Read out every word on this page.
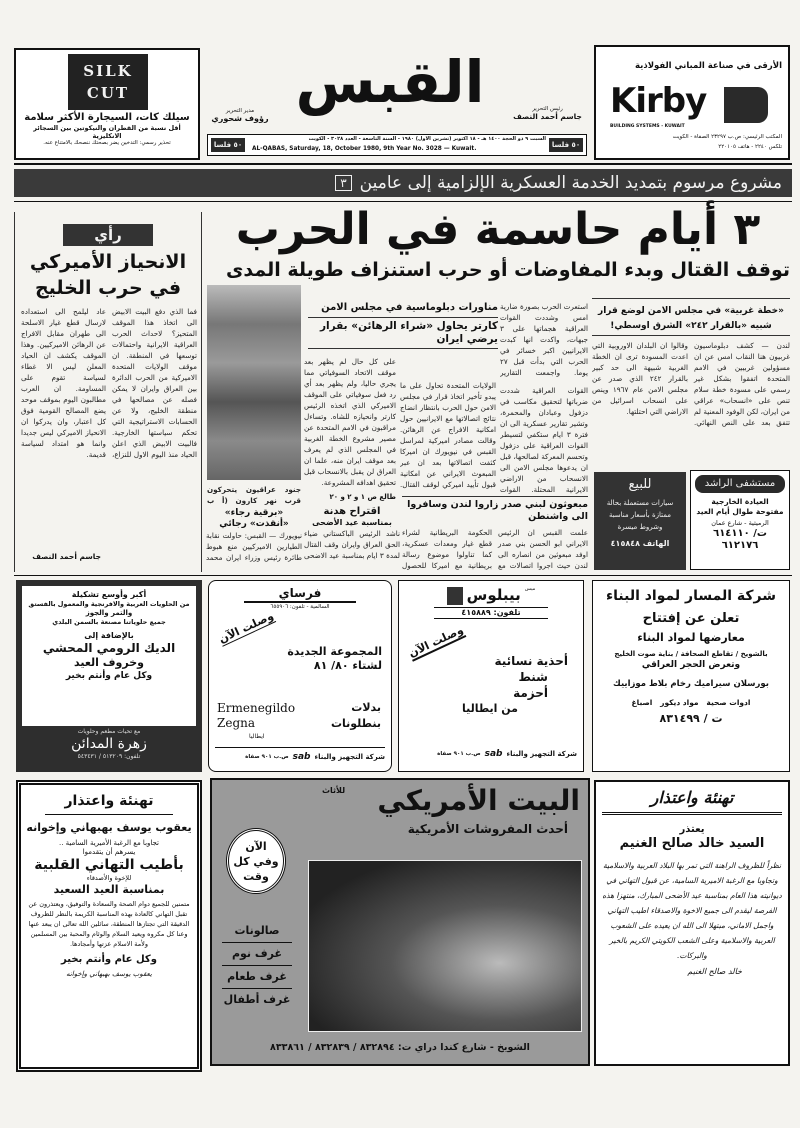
SILK
CUT
سيلك كات، السيجارة الأكثر سلامة
أقل نسبة من القطران والنيكوتين بين السجائر الانكليزية
تحذير رسمي: التدخين يضر بصحتك ننصحك بالامتناع عنه.
القبس
مدير التحرير
رؤوف شحوري
رئيس التحرير
جاسم أحمد النصف
٥٠ فلسا
السبت ٩ ذو الحجة ١٤٠٠ هـ - ١٨ اكتوبر (تشرين الاول) ١٩٨٠ - السنة التاسعة - العدد ٣٠٢٨ - الكويت
AL-QABAS, Saturday, 18, October 1980, 9th Year No. 3028 — Kuwait.	٥٠ فلسا
الأرقى في صناعة المباني الفولاذية
Kirby
BUILDING SYSTEMS - KUWAIT
المكتب الرئيسي: ص.ب ٢٣٢٩٧ الصفاة - الكويت
تلكس ٢٢٤٠ - هاتف ٢٢٠١٠٥
مشروع مرسوم بتمديد الخدمة العسكرية الإلزامية إلى عامين
٣
رأي
الانحياز الأميركي
في حرب الخليج
فما الذي دفع البيت الابيض الى اتخاذ هذا الموقف المتحيز؟ لاحداث الحرب العراقية الايرانية واحتمالات توسعها في المنطقة. ان موقف الولايات المتحدة الاميركية من الحرب الدائرة بين العراق وايران لا يمكن فصله عن مصالحها في منطقة الخليج، ولا عن الحسابات الاستراتيجية التي تحكم سياستها الخارجية. فالبيت الابيض الذي اعلن الحياد منذ اليوم الاول للنزاع، عاد ليلمح الى استعداده لارسال قطع غيار الاسلحة الى طهران مقابل الافراج عن الرهائن الاميركيين. وهذا الموقف يكشف ان الحياد المعلن ليس الا غطاء لسياسة تقوم على المساومة. ان العرب مطالبون اليوم بموقف موحد يضع المصالح القومية فوق كل اعتبار، وان يدركوا ان الانحياز الاميركي ليس جديدا وانما هو امتداد لسياسة قديمة.
جاسم أحمد النصف
٣ أيام حاسمة في الحرب
توقف القتال وبدء المفاوضات أو حرب استنزاف طويلة المدى
جنود عراقيون يتحركون قرب نهر كارون (أ ب
مناورات دبلوماسية في مجلس الامن
كارتر يحاول «شراء الرهائن» بقرار يرضي ايران
استعرت الحرب بصورة ضارية امس وشددت القوات العراقية هجماتها على ٣ جبهات، واكدت انها كبدت الايرانيين اكبر خسائر في الحرب التي بدأت قبل ٢٧ يوما. واجمعت التقارير
القوات العراقية شددت ضرباتها لتحقيق مكاسب في دزفول وعبادان والمحمرة، وتشير تقارير عسكرية الى ان فترة ٣ ايام ستكفي لتسيطر القوات العراقية على دزفول وتحسم المعركة لصالحها، قبل ان يدعوها مجلس الامن الى الانسحاب من الاراضي الايرانية المحتلة. القوات
الولايات المتحدة تحاول على ما يبدو تأخير اتخاذ قرار في مجلس الامن حول الحرب بانتظار انضاج نتائج اتصالاتها مع الايرانيين حول امكانية الافراج عن الرهائن. وقالت مصادر اميركية لمراسل القبس في نيويورك ان اميركا كثفت اتصالاتها بعد ان عبر المبعوث الايراني عن امكانية قبول تأييد اميركي لوقف القتال.
على كل حال لم يظهر بعد موقف الاتحاد السوفياتي مما يجري حاليا، ولم يظهر بعد أي رد فعل سوفياتي على الموقف الاميركي الذي اتخذه الرئيس كارتر وانحيازه للشاه. وتساءل مراقبون في الامم المتحدة عن مصير مشروع الخطة الغربية في المجلس الذي لم يعرف بعد موقف ايران منه، علما ان العراق لن يقبل بالانسحاب قبل تحقيق اهدافه المشروعة.
طالع ص ١ و ٢ و ٢٠
«برقية رجاء»
«أنقذت» رجائي
نيويورك — القبس: حاولت نقابة الطيارين الاميركيين منع هبوط طائرة رئيس وزراء ايران محمد
اقتراح هدنة
بمناسبة عيد الأضحى
ناشد الرئيس الباكستاني ضياء الحق العراق وايران وقف القتال لمدة ٣ ايام بمناسبة عيد الاضحى
مبعوثون لبني صدر زاروا لندن وسافروا الى واشنطن
علمت القبس ان الرئيس الايراني ابو الحسن بني صدر اوفد مبعوثين من انصاره الى لندن حيث اجروا اتصالات مع الحكومة البريطانية لشراء قطع غيار ومعدات عسكرية، كما تناولوا موضوع رسالة بريطانية مع اميركا للحصول
«خطة غربية» في مجلس الامن لوضع قرار
شبيه «بالقرار ٢٤٢» الشرق اوسطي!
لندن — كشف دبلوماسيون غربيون هنا النقاب امس عن ان مسؤولين غربيين في الامم المتحدة اتفقوا بشكل غير رسمي على مسودة خطة سلام تنص على «انسحاب» عراقي من ايران، لكن الوفود المعنية لم تتفق بعد على النص النهائي. وقالوا ان البلدان الاوروبية التي اعدت المسودة ترى ان الخطة الغربية شبيهة الى حد كبير بالقرار ٢٤٢ الذي صدر عن مجلس الامن عام ١٩٦٧ وينص على انسحاب اسرائيل من الاراضي التي احتلتها.
مستشفى الراشد
العيادة الخارجية
مفتوحة طوال أيام العيد
الرميثية - شارع عمان
ت/ ٦١٤١١٠
٦١٢١٧٦
للبيع
سيارات مستعملة بحالة ممتازة بأسعار مناسبة وشروط ميسرة
الهاتف ٤١٥٨٤٨
أكبر وأوسع تشكيلة
من الحلويات العربية والافرنجية والمعمول بالفستق
والتمر والجوز
جميع حلوياتنا مصنعة بالسمن البلدي
بالإضافة إلى
الديك الرومي المحشي
وخروف العيد
وكل عام وأنتم بخير
مع تحيات مطعم وحلويات
زهرة المدائن
تلفون: ٥١٣٢٠٩ / ٥٤٣٤٣١
فرساي
السالمية - تلفون: ٦٥٥٩٠٦
وصلت الآن
المجموعة الجديدة
لشتاء ٨٠/ ٨١
Ermenegildo
Zegna
ايطاليا
بدلات
بنطلونات
شركة التجهيز والبناء
sab
ص.ب ٩٠١ صفاة
ميس
بيبلوس
تلفون: ٤١٥٨٨٩
وصلت الآن
أحذية نسائية
شنط
أحزمة
من ايطاليا
شركة التجهيز والبناء
sab
ص.ب ٩٠١ صفاة
شركة المسار لمواد البناء
تعلن عن إفتتاح
معارضها لمواد البناء
بالشويخ / تقاطع الصحافة / بناية صوت الخليج
وتعرض الحجر العراقي
بورسلان سيراميك رخام بلاط موزاييك
ادوات صحية   مواد ديكور   اصباغ
ت / ٨٣١٤٩٩
تهنئة واعتذار
يعقوب يوسف بهبهاني وإخوانه
تجاوبا مع الرغبة الأميرية السامية ..
يسرهم أن يتقدموا
بأطيب التهاني القلبية
للإخوة والأصدقاء
بمناسبة العيد السعيد
متمنين للجميع دوام الصحة والسعادة والتوفيق، ويعتذرون عن تقبل التهاني كالعادة بهذه المناسبة الكريمة بالنظر للظروف الدقيقة التي تجتازها المنطقة، سائلين الله تعالى ان يبعد عنها وعنا كل مكروه ويعيد السلام والوئام والمحبة بين المسلمين ولأمة الاسلام عزتها وأمجادها.
وكل عام وأنتم بخير
يعقوب يوسف بهبهاني وإخوانه
البيت الأمريكي
للأثاث
أحدث المفروشات الأمريكية
الآن
وفي كل
وقت
صالونات
غرف نوم
غرف طعام
غرف أطفال
الشويخ - شارع كندا دراي ت: ٨٣٢٨٩٤ / ٨٣٢٨٣٩ / ٨٣٣٨٦١
تهنئة واعتذار
يعتذر
السيد خالد صالح الغنيم
نظراً للظروف الراهنة التي تمر بها البلاد العربية والاسلامية وتجاوبا مع الرغبة الاميرية السامية، عن قبول التهاني في ديوانيته هذا العام بمناسبة عيد الأضحى المبارك، منتهزا هذه الفرصة ليقدم الى جميع الاخوة والاصدقاء اطيب التهاني واجمل الاماني، مبتهلا الى الله ان يعيده على الشعوب العربية والاسلامية وعلى الشعب الكويتي الكريم بالخير والبركات.
خالد صالح الغنيم
